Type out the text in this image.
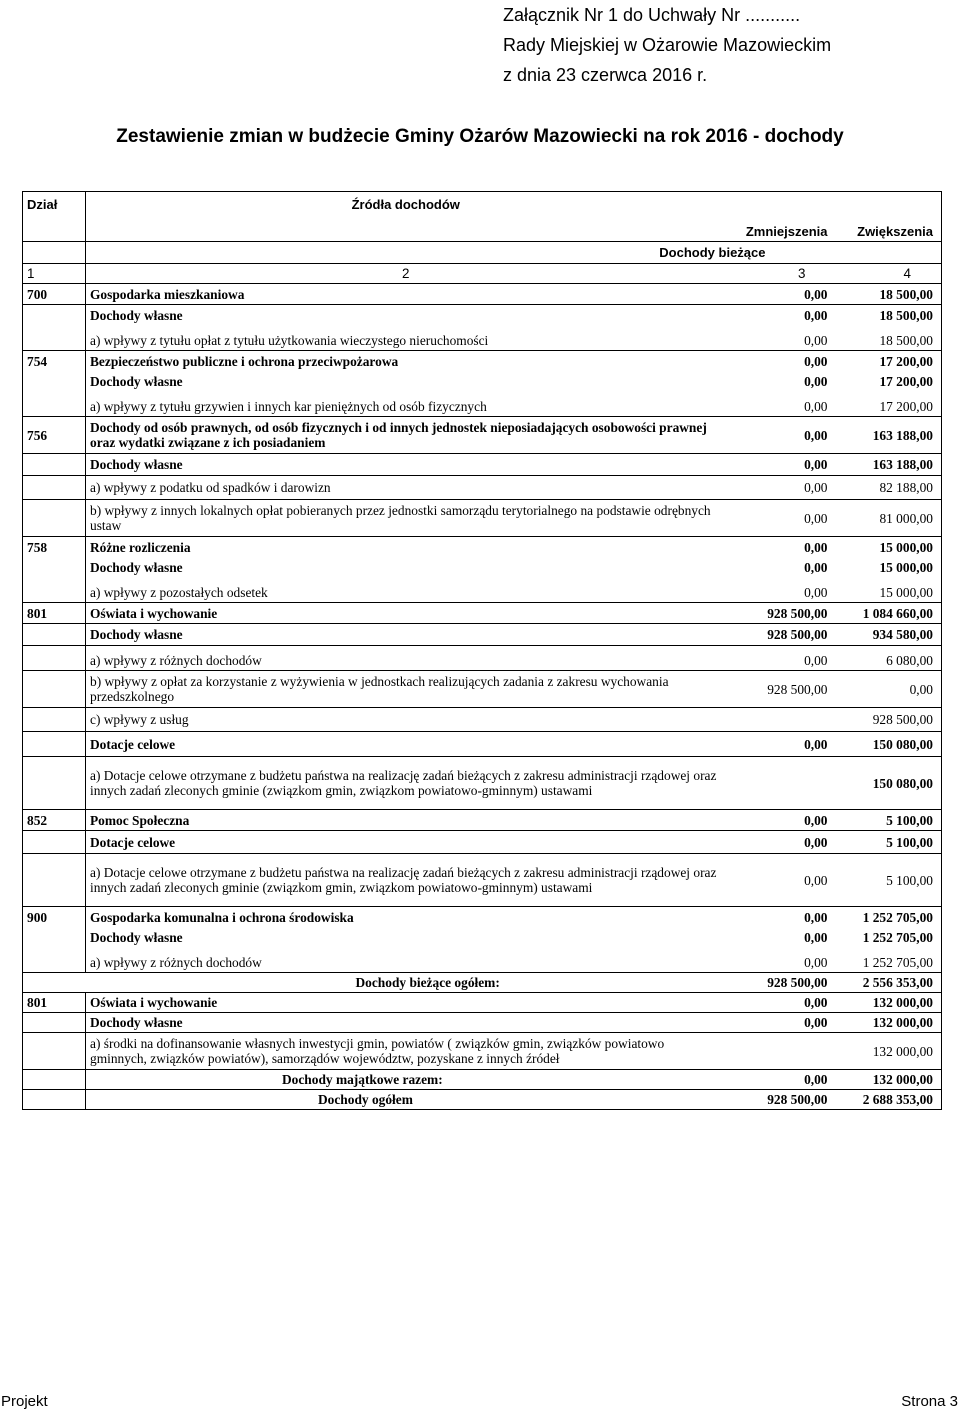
Załącznik Nr 1 do Uchwały Nr ...........
Rady Miejskiej w Ożarowie Mazowieckim
z dnia 23 czerwca 2016 r.
Zestawienie zmian w budżecie Gminy Ożarów Mazowiecki na rok 2016 - dochody
Dział	Źródła dochodów		
		Zmniejszenia	Zwiększenia
	Dochody bieżące		
1	2	3	4
700	Gospodarka mieszkaniowa	0,00	18 500,00
	Dochody własne	0,00	18 500,00
	a) wpływy z tytułu opłat z tytułu użytkowania wieczystego nieruchomości	0,00	18 500,00
754	Bezpieczeństwo publiczne i ochrona przeciwpożarowa	0,00	17 200,00
	Dochody własne	0,00	17 200,00
	a) wpływy z tytułu grzywien i innych kar pieniężnych od osób fizycznych	0,00	17 200,00
756	Dochody od osób prawnych, od osób fizycznych i od innych jednostek nieposiadających osobowości prawnej oraz wydatki związane z ich posiadaniem	0,00	163 188,00
	Dochody własne	0,00	163 188,00
	a) wpływy z podatku od spadków i darowizn	0,00	82 188,00
	b) wpływy z innych lokalnych opłat pobieranych przez jednostki samorządu terytorialnego na podstawie odrębnych ustaw	0,00	81 000,00
758	Różne rozliczenia	0,00	15 000,00
	Dochody własne	0,00	15 000,00
	a) wpływy z pozostałych odsetek	0,00	15 000,00
801	Oświata i wychowanie	928 500,00	1 084 660,00
	Dochody własne	928 500,00	934 580,00
	a) wpływy z różnych dochodów	0,00	6 080,00
	b) wpływy z opłat za korzystanie z wyżywienia w jednostkach realizujących zadania z zakresu wychowania przedszkolnego	928 500,00	0,00
	c) wpływy z usług		928 500,00
	Dotacje celowe	0,00	150 080,00
	a) Dotacje celowe otrzymane z budżetu państwa na realizację zadań bieżących z zakresu administracji rządowej oraz innych zadań zleconych gminie (związkom gmin, związkom powiatowo-gminnym) ustawami		150 080,00
852	Pomoc Społeczna	0,00	5 100,00
	Dotacje celowe	0,00	5 100,00
	a) Dotacje celowe otrzymane z budżetu państwa na realizację zadań bieżących z zakresu administracji rządowej oraz innych zadań zleconych gminie (związkom gmin, związkom powiatowo-gminnym) ustawami	0,00	5 100,00
900	Gospodarka komunalna i ochrona środowiska	0,00	1 252 705,00
	Dochody własne	0,00	1 252 705,00
	a) wpływy z różnych dochodów	0,00	1 252 705,00
	Dochody bieżące ogółem:	928 500,00	2 556 353,00
801	Oświata i wychowanie	0,00	132 000,00
	Dochody własne	0,00	132 000,00
	a) środki na dofinansowanie własnych inwestycji gmin, powiatów ( związków gmin, związków powiatowo gminnych, związków powiatów), samorządów województw, pozyskane z innych źródeł		132 000,00
	Dochody majątkowe razem:	0,00	132 000,00
	Dochody ogółem	928 500,00	2 688 353,00
Projekt	Strona 3
